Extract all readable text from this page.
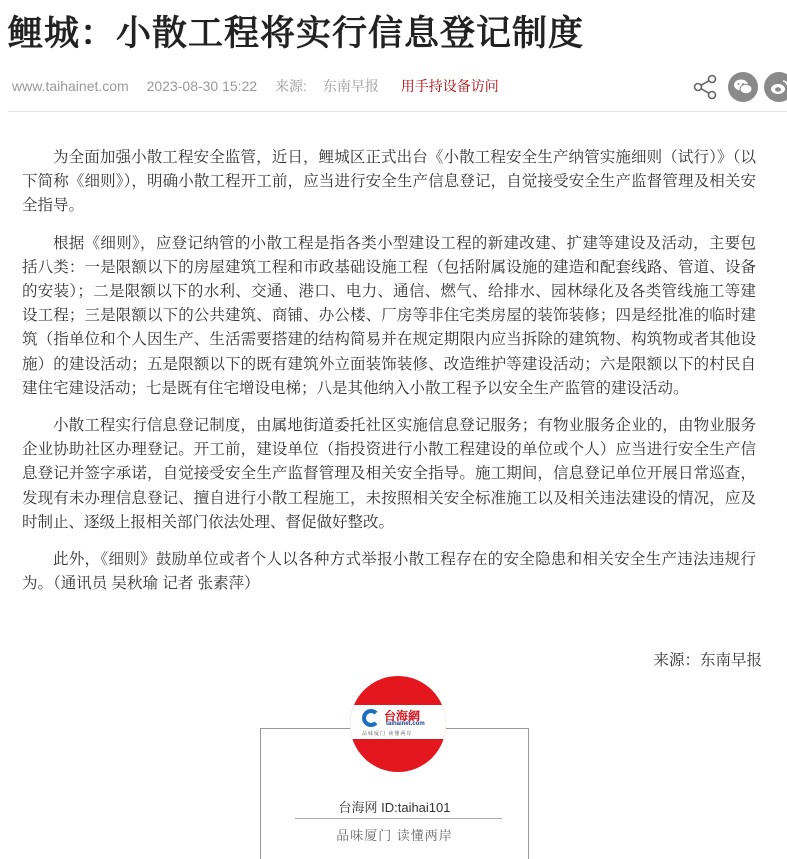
鲤城：小散工程将实行信息登记制度
www.taihainet.com 2023-08-30 15:22 来源: 东南早报 用手持设备访问

为全面加强小散工程安全监管，近日，鲤城区正式出台《小散工程安全生产纳管实施细则（试行）》（以下简称《细则》），明确小散工程开工前，应当进行安全生产信息登记，自觉接受安全生产监督管理及相关安全指导。

根据《细则》，应登记纳管的小散工程是指各类小型建设工程的新建改建、扩建等建设及活动，主要包括八类：一是限额以下的房屋建筑工程和市政基础设施工程（包括附属设施的建造和配套线路、管道、设备的安装）；二是限额以下的水利、交通、港口、电力、通信、燃气、给排水、园林绿化及各类管线施工等建设工程；三是限额以下的公共建筑、商铺、办公楼、厂房等非住宅类房屋的装饰装修；四是经批准的临时建筑（指单位和个人因生产、生活需要搭建的结构简易并在规定期限内应当拆除的建筑物、构筑物或者其他设施）的建设活动；五是限额以下的既有建筑外立面装饰装修、改造维护等建设活动；六是限额以下的村民自建住宅建设活动；七是既有住宅增设电梯；八是其他纳入小散工程予以安全生产监管的建设活动。

小散工程实行信息登记制度，由属地街道委托社区实施信息登记服务；有物业服务企业的，由物业服务企业协助社区办理登记。开工前，建设单位（指投资进行小散工程建设的单位或个人）应当进行安全生产信息登记并签字承诺，自觉接受安全生产监督管理及相关安全指导。施工期间，信息登记单位开展日常巡查，发现有未办理信息登记、擅自进行小散工程施工，未按照相关安全标准施工以及相关违法建设的情况，应及时制止、逐级上报相关部门依法处理、督促做好整改。

此外，《细则》鼓励单位或者个人以各种方式举报小散工程存在的安全隐患和相关安全生产违法违规行为。（通讯员 吴秋瑜 记者 张素萍）

来源：东南早报
台海网 ID:taihai101
品味厦门 读懂两岸
台海網
taihainet.com
品味厦门 读懂两岸
